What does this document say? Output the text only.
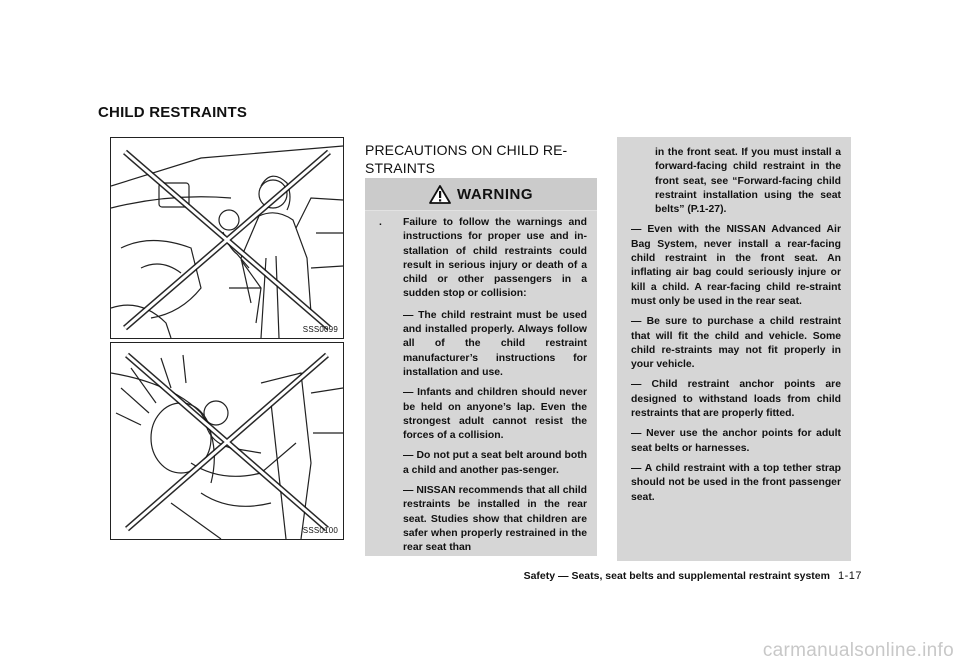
CHILD RESTRAINTS
SSS0099
SSS0100
PRECAUTIONS ON CHILD RE-STRAINTS
WARNING
.	Failure to follow the warnings and instructions for proper use and in-stallation of child restraints could result in serious injury or death of a child or other passengers in a sudden stop or collision:
— The child restraint must be used and installed properly. Always follow all of the child restraint manufacturer’s instructions for installation and use.
— Infants and children should never be held on anyone’s lap. Even the strongest adult cannot resist the forces of a collision.
— Do not put a seat belt around both a child and another pas-senger.
— NISSAN recommends that all child restraints be installed in the rear seat. Studies show that children are safer when properly restrained in the rear seat than
in the front seat. If you must install a forward-facing child restraint in the front seat, see “Forward-facing child restraint installation using the seat belts” (P.1-27).
— Even with the NISSAN Advanced Air Bag System, never install a rear-facing child restraint in the front seat. An inflating air bag could seriously injure or kill a child. A rear-facing child re-straint must only be used in the rear seat.
— Be sure to purchase a child restraint that will fit the child and vehicle. Some child re-straints may not fit properly in your vehicle.
— Child restraint anchor points are designed to withstand loads from child restraints that are properly fitted.
— Never use the anchor points for adult seat belts or harnesses.
— A child restraint with a top tether strap should not be used in the front passenger seat.
Safety — Seats, seat belts and supplemental restraint system 1-17
carmanualsonline.info
